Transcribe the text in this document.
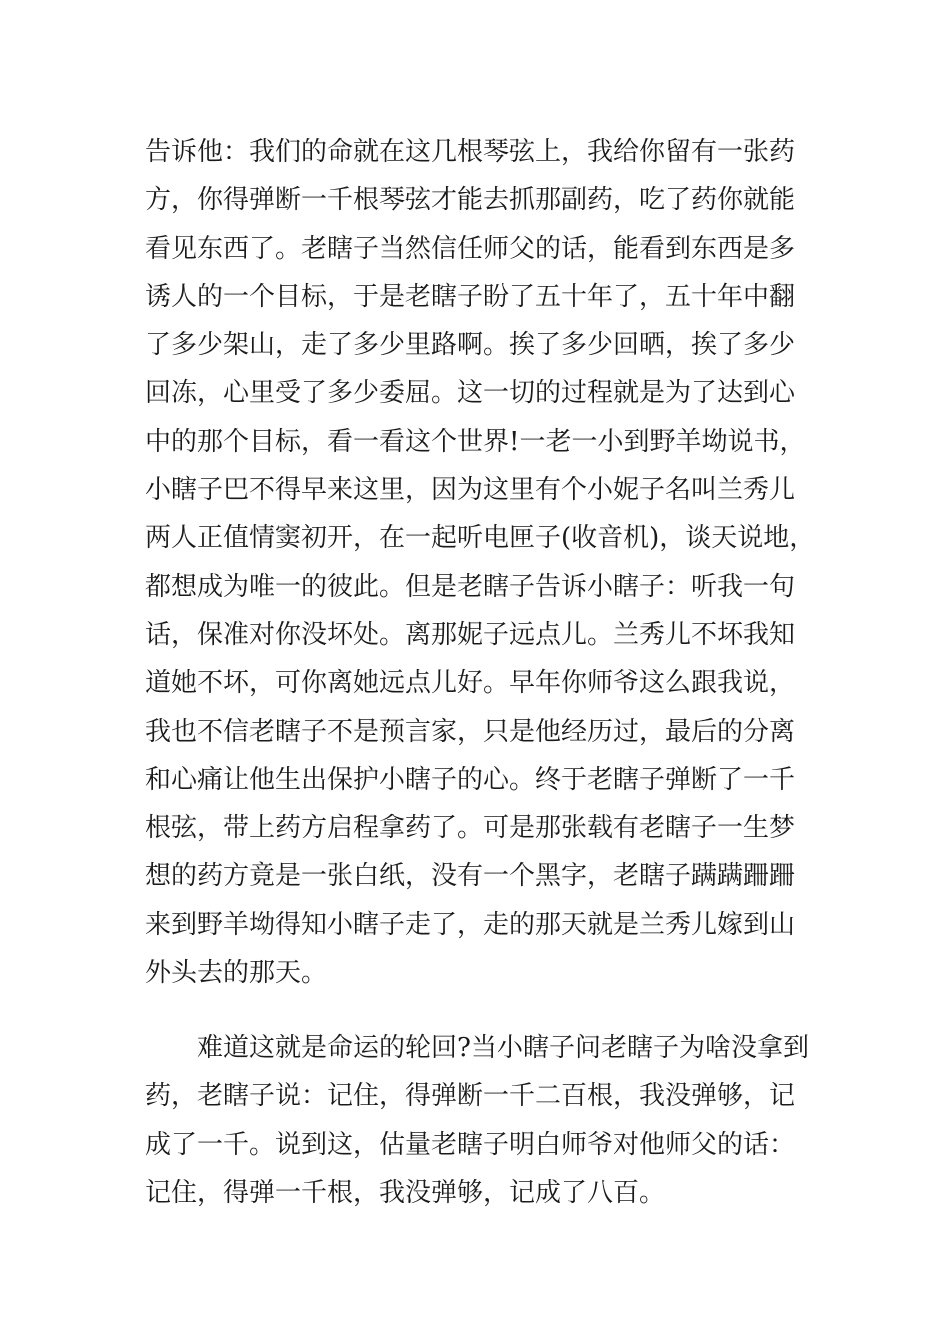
告诉他：我们的命就在这几根琴弦上，我给你留有一张药
方，你得弹断一千根琴弦才能去抓那副药，吃了药你就能
看见东西了。老瞎子当然信任师父的话，能看到东西是多
诱人的一个目标，于是老瞎子盼了五十年了，五十年中翻
了多少架山，走了多少里路啊。挨了多少回晒，挨了多少
回冻，心里受了多少委屈。这一切的过程就是为了达到心
中的那个目标，看一看这个世界!一老一小到野羊坳说书，
小瞎子巴不得早来这里，因为这里有个小妮子名叫兰秀儿
两人正值情窦初开，在一起听电匣子(收音机)，谈天说地，
都想成为唯一的彼此。但是老瞎子告诉小瞎子：听我一句
话，保准对你没坏处。离那妮子远点儿。兰秀儿不坏我知
道她不坏，可你离她远点儿好。早年你师爷这么跟我说，
我也不信老瞎子不是预言家，只是他经历过，最后的分离
和心痛让他生出保护小瞎子的心。终于老瞎子弹断了一千
根弦，带上药方启程拿药了。可是那张载有老瞎子一生梦
想的药方竟是一张白纸，没有一个黑字，老瞎子蹒蹒跚跚
来到野羊坳得知小瞎子走了，走的那天就是兰秀儿嫁到山
外头去的那天。
难道这就是命运的轮回?当小瞎子问老瞎子为啥没拿到
药，老瞎子说：记住，得弹断一千二百根，我没弹够，记
成了一千。说到这，估量老瞎子明白师爷对他师父的话：
记住，得弹一千根，我没弹够，记成了八百。
